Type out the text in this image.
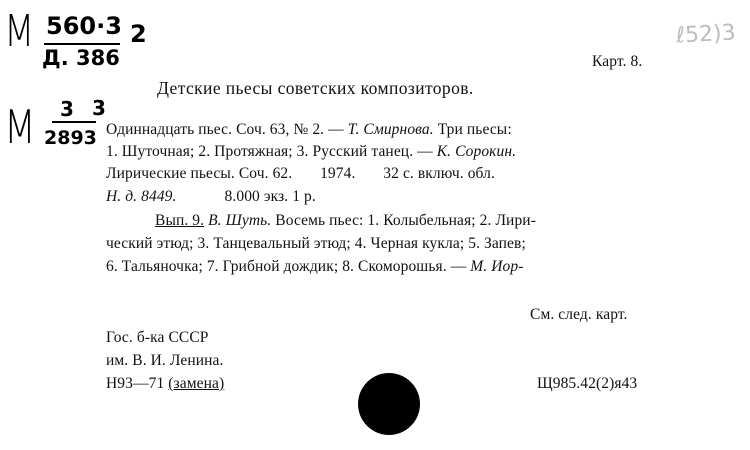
M 560·3 2
Д. 386
M 3 3
2893
ℓ52)3
Карт. 8.
Детские пьесы советских композиторов.
Одиннадцать пьес. Соч. 63, № 2. — Т. Смирнова. Три пьесы:
1. Шуточная; 2. Протяжная; 3. Русский танец. — К. Сорокин.
Лирические пьесы. Соч. 62.       1974.       32 с. включ. обл.
Н. д. 8449.	8.000 экз. 1 р.
Вып. 9. В. Шуть. Восемь пьес: 1. Колыбельная; 2. Лири-
ческий этюд; 3. Танцевальный этюд; 4. Черная кукла; 5. Запев;
6. Тальяночка; 7. Грибной дождик; 8. Скоморошья. — М. Иор-
См. след. карт.
Гос. б-ка СССР
им. В. И. Ленина.
Н93—71 (замена)	Щ985.42(2)я43
